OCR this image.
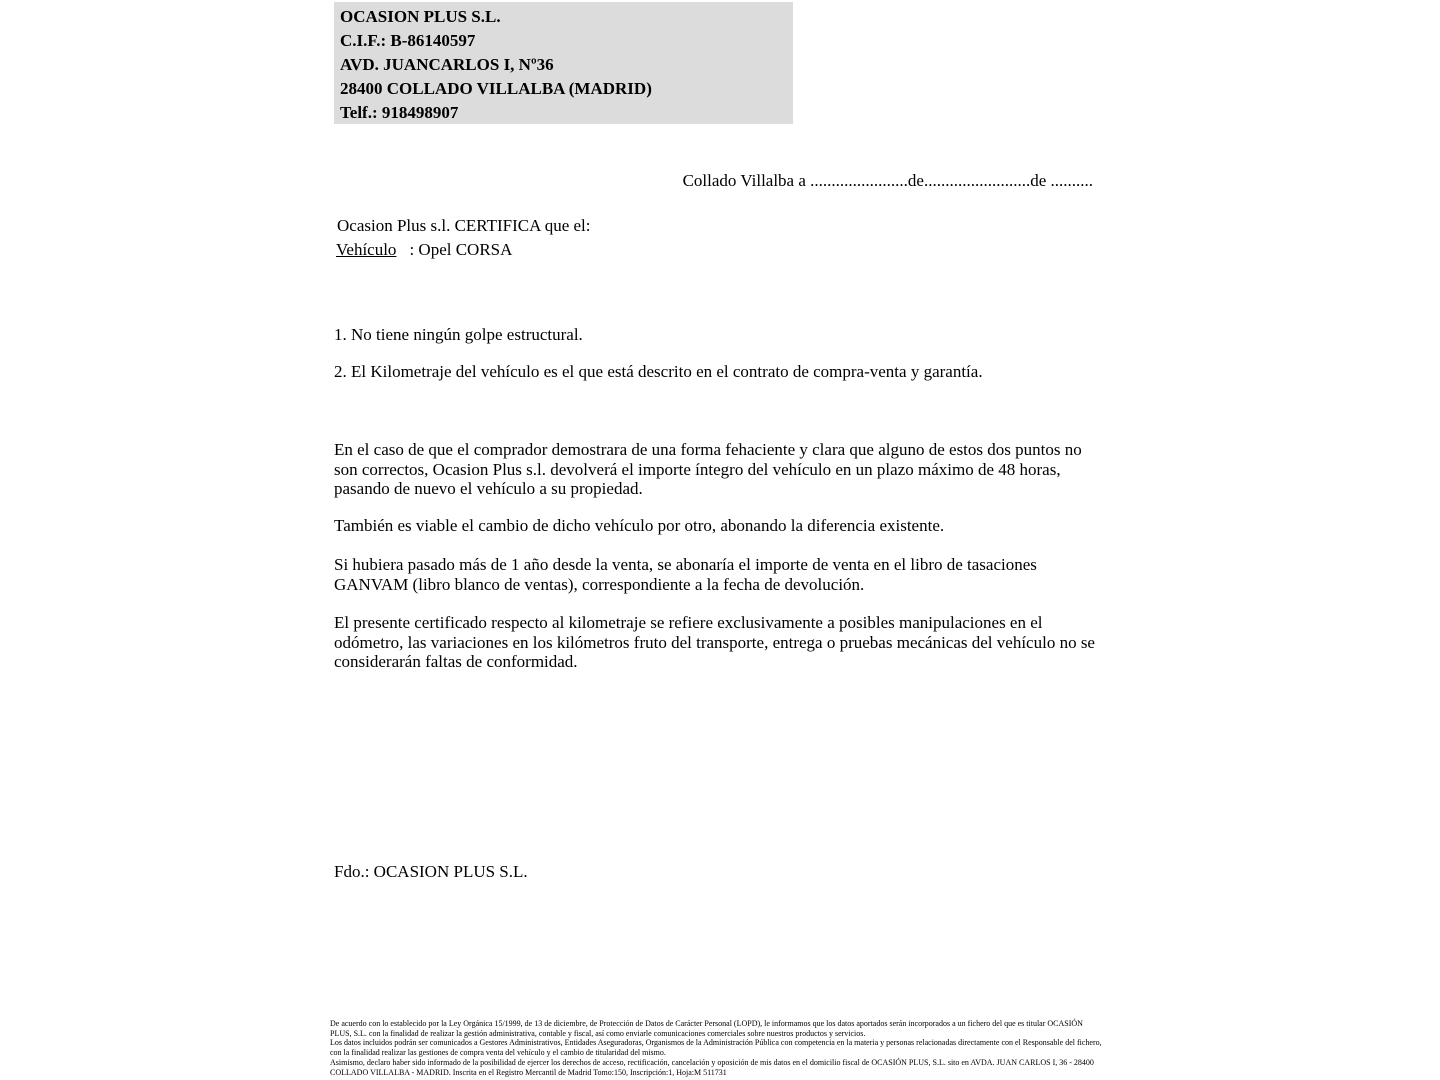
OCASION PLUS S.L.
C.I.F.: B-86140597
AVD. JUANCARLOS I, Nº36
28400 COLLADO VILLALBA (MADRID)
Telf.: 918498907
Collado Villalba a .......................de.........................de ..........
Ocasion Plus s.l. CERTIFICA que el:
Vehículo : Opel CORSA
1. No tiene ningún golpe estructural.
2. El Kilometraje del vehículo es el que está descrito en el contrato de compra-venta y garantía.
En el caso de que el comprador demostrara de una forma fehaciente y clara que alguno de estos dos puntos no son correctos, Ocasion Plus s.l. devolverá el importe íntegro del vehículo en un plazo máximo de 48 horas, pasando de nuevo el vehículo a su propiedad.
También es viable el cambio de dicho vehículo por otro, abonando la diferencia existente.
Si hubiera pasado más de 1 año desde la venta, se abonaría el importe de venta en el libro de tasaciones GANVAM (libro blanco de ventas), correspondiente a la fecha de devolución.
El presente certificado respecto al kilometraje se refiere exclusivamente a posibles manipulaciones en el odómetro, las variaciones en los kilómetros fruto del transporte, entrega o pruebas mecánicas del vehículo no se considerarán faltas de conformidad.
Fdo.: OCASION PLUS S.L.
De acuerdo con lo establecido por la Ley Orgánica 15/1999, de 13 de diciembre, de Protección de Datos de Carácter Personal (LOPD), le informamos que los datos aportados serán incorporados a un fichero del que es titular OCASIÓN PLUS, S.L. con la finalidad de realizar la gestión administrativa, contable y fiscal, así como enviarle comunicaciones comerciales sobre nuestros productos y servicios.
Los datos incluidos podrán ser comunicados a Gestores Administrativos, Entidades Aseguradoras, Organismos de la Administración Pública con competencia en la materia y personas relacionadas directamente con el Responsable del fichero, con la finalidad realizar las gestiones de compra venta del vehículo y el cambio de titularidad del mismo.
Asimismo, declaro haber sido informado de la posibilidad de ejercer los derechos de acceso, rectificación, cancelación y oposición de mis datos en el domicilio fiscal de OCASIÓN PLUS, S.L. sito en AVDA. JUAN CARLOS I, 36 - 28400 COLLADO VILLALBA - MADRID. Inscrita en el Registro Mercantil de Madrid Tomo:150, Inscripción:1, Hoja:M 511731
